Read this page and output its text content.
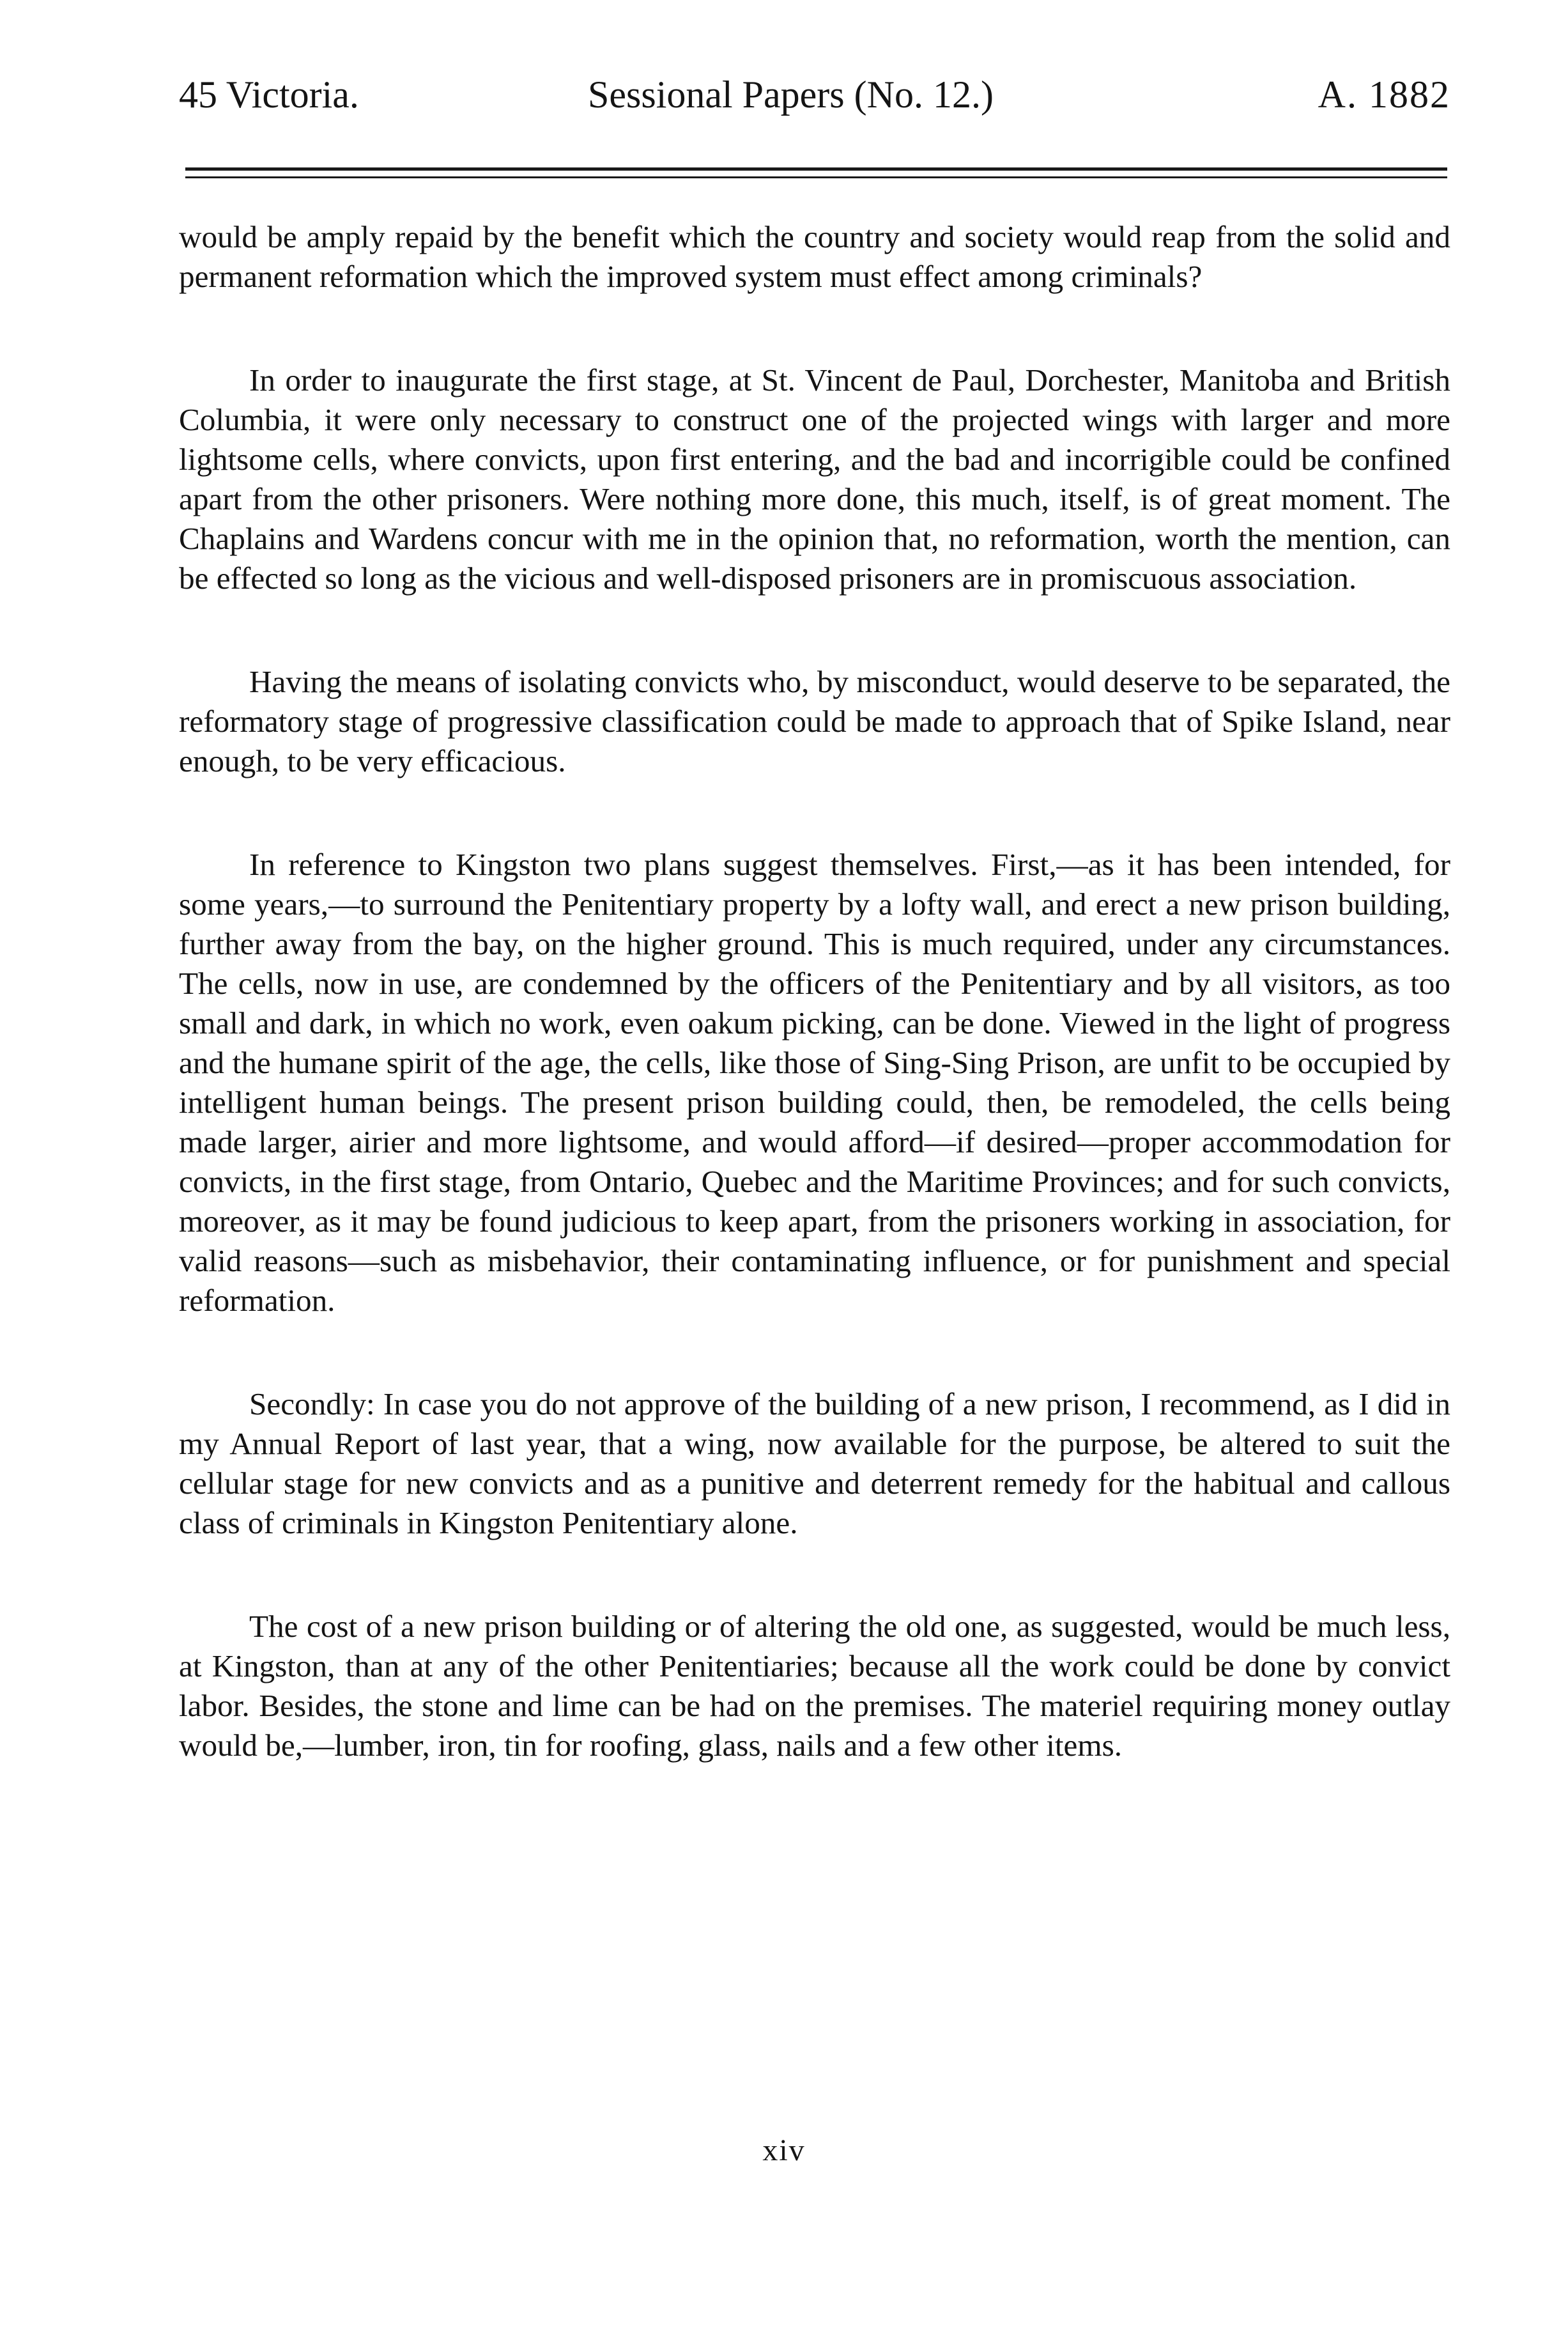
45 Victoria.	Sessional Papers (No. 12.)	A. 1882

would be amply repaid by the benefit which the country and society would reap from the solid and permanent reformation which the improved system must effect among criminals?

In order to inaugurate the first stage, at St. Vincent de Paul, Dorchester, Manitoba and British Columbia, it were only necessary to construct one of the projected wings with larger and more lightsome cells, where convicts, upon first entering, and the bad and incorrigible could be confined apart from the other prisoners. Were nothing more done, this much, itself, is of great moment. The Chaplains and Wardens concur with me in the opinion that, no reformation, worth the mention, can be effected so long as the vicious and well-disposed prisoners are in promiscuous association.

Having the means of isolating convicts who, by misconduct, would deserve to be separated, the reformatory stage of progressive classification could be made to approach that of Spike Island, near enough, to be very efficacious.

In reference to Kingston two plans suggest themselves. First,—as it has been intended, for some years,—to surround the Penitentiary property by a lofty wall, and erect a new prison building, further away from the bay, on the higher ground. This is much required, under any circumstances. The cells, now in use, are condemned by the officers of the Penitentiary and by all visitors, as too small and dark, in which no work, even oakum picking, can be done. Viewed in the light of progress and the humane spirit of the age, the cells, like those of Sing-Sing Prison, are unfit to be occupied by intelligent human beings. The present prison building could, then, be remodeled, the cells being made larger, airier and more lightsome, and would afford—if desired—proper accommodation for convicts, in the first stage, from Ontario, Quebec and the Maritime Provinces; and for such convicts, moreover, as it may be found judicious to keep apart, from the prisoners working in association, for valid reasons—such as misbehavior, their contaminating influence, or for punishment and special reformation.

Secondly: In case you do not approve of the building of a new prison, I recommend, as I did in my Annual Report of last year, that a wing, now available for the purpose, be altered to suit the cellular stage for new convicts and as a punitive and deterrent remedy for the habitual and callous class of criminals in Kingston Penitentiary alone.

The cost of a new prison building or of altering the old one, as suggested, would be much less, at Kingston, than at any of the other Penitentiaries; because all the work could be done by convict labor. Besides, the stone and lime can be had on the premises. The materiel requiring money outlay would be,—lumber, iron, tin for roofing, glass, nails and a few other items.

xiv
